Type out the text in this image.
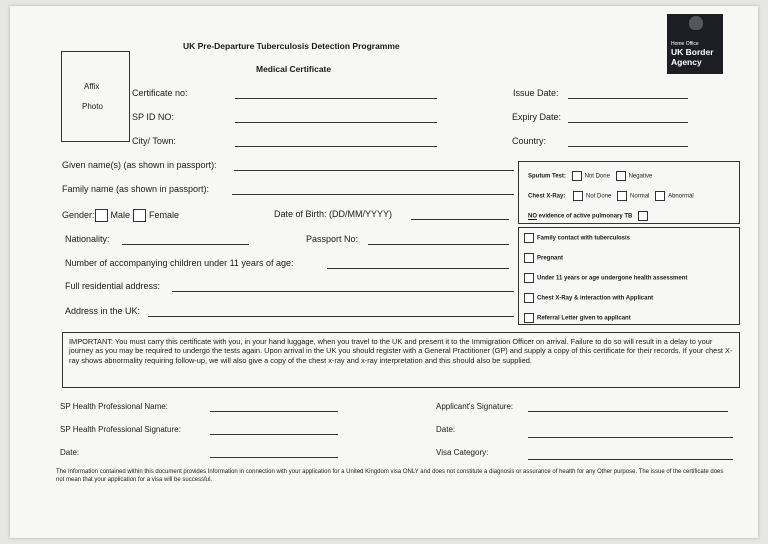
UK Pre-Departure Tuberculosis Detection Programme
Medical Certificate
Home Office
UK Border
Agency
Affix
Photo
Certificate no:	Issue Date:
SP ID NO:	Expiry Date:
City/ Town:	Country:
Given name(s) (as shown in passport):
Family name (as shown in passport):
Gender: Male Female	Date of Birth: (DD/MM/YYYY)
Nationality:	Passport No:
Number of accompanying children under 11 years of age:
Full residential address:
Address in the UK:
Sputum Test:	Not Done	Negative
Chest X-Ray:	Not Done	Normal	Abnormal
NO evidence of active pulmonary TB
Family contact with tuberculosis
Pregnant
Under 11 years or age undergone health assessment
Chest X-Ray & interaction with Applicant
Referral Letter given to applicant
IMPORTANT: You must carry this certificate with you, in your hand luggage, when you travel to the UK and present it to the Immigration Officer on arrival. Failure to do so will result in a delay to your journey as you may be required to undergo the tests again. Upon arrival in the UK you should register with a General Practitioner (GP) and supply a copy of this certificate for their records. If your chest X-ray shows abnormality requiring follow-up, we will also give a copy of the chest x-ray and x-ray interpretation and this should also be supplied.
SP Health Professional Name:	Applicant's Signature:
SP Health Professional Signature:	Date:
Date:	Visa Category:
The Information contained within this document provides Information in connection with your application for a United Kingdom visa ONLY and does not constitute a diagnosis or assurance of health for any Other purpose. The issue of the certificate does not mean that your application for a visa will be successful.
